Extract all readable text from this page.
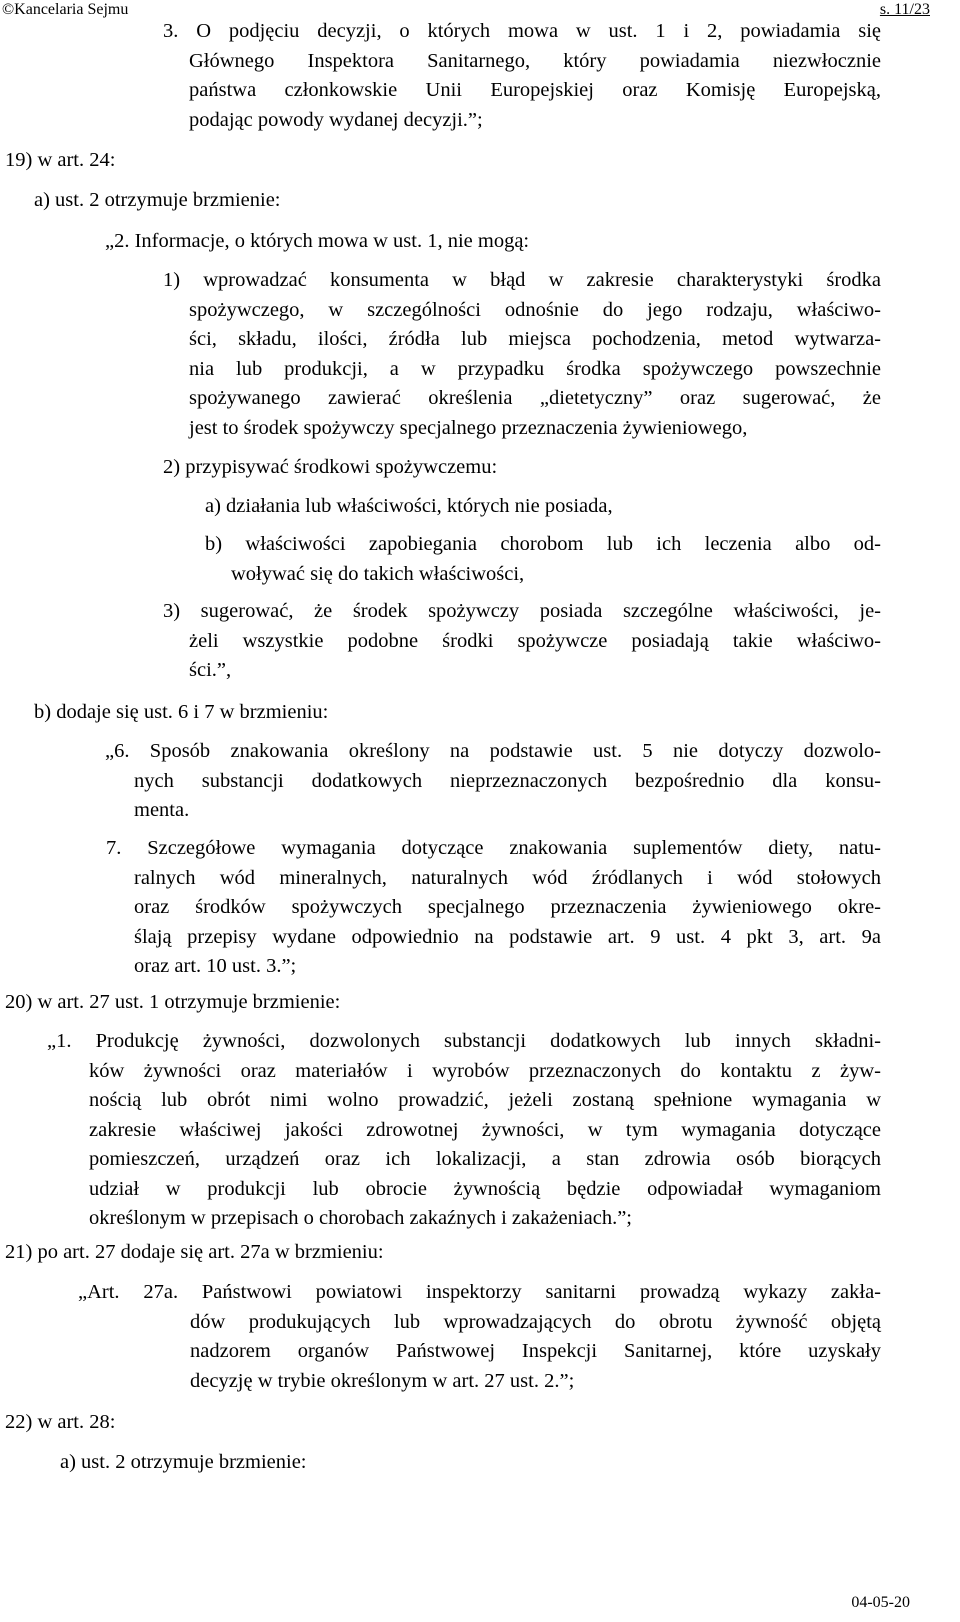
©Kancelaria Sejmu	s. 11/23
3. O podjęciu decyzji, o których mowa w ust. 1 i 2, powiadamia się
Głównego Inspektora Sanitarnego, który powiadamia niezwłocznie
państwa członkowskie Unii Europejskiej oraz Komisję Europejską,
podając powody wydanej decyzji.”;
19) w art. 24:
a) ust. 2 otrzymuje brzmienie:
„2. Informacje, o których mowa w ust. 1, nie mogą:
1) wprowadzać konsumenta w błąd w zakresie charakterystyki środka
spożywczego, w szczególności odnośnie do jego rodzaju, właściwo-
ści, składu, ilości, źródła lub miejsca pochodzenia, metod wytwarza-
nia lub produkcji, a w przypadku środka spożywczego powszechnie
spożywanego zawierać określenia „dietetyczny” oraz sugerować, że
jest to środek spożywczy specjalnego przeznaczenia żywieniowego,
2) przypisywać środkowi spożywczemu:
a) działania lub właściwości, których nie posiada,
b) właściwości zapobiegania chorobom lub ich leczenia albo od-
woływać się do takich właściwości,
3) sugerować, że środek spożywczy posiada szczególne właściwości, je-
żeli wszystkie podobne środki spożywcze posiadają takie właściwo-
ści.”,
b) dodaje się ust. 6 i 7 w brzmieniu:
„6. Sposób znakowania określony na podstawie ust. 5 nie dotyczy dozwolo-
nych substancji dodatkowych nieprzeznaczonych bezpośrednio dla konsu-
menta.
7. Szczegółowe wymagania dotyczące znakowania suplementów diety, natu-
ralnych wód mineralnych, naturalnych wód źródlanych i wód stołowych
oraz środków spożywczych specjalnego przeznaczenia żywieniowego okre-
ślają przepisy wydane odpowiednio na podstawie art. 9 ust. 4 pkt 3, art. 9a
oraz art. 10 ust. 3.”;
20) w art. 27 ust. 1 otrzymuje brzmienie:
„1. Produkcję żywności, dozwolonych substancji dodatkowych lub innych składni-
ków żywności oraz materiałów i wyrobów przeznaczonych do kontaktu z żyw-
nością lub obrót nimi wolno prowadzić, jeżeli zostaną spełnione wymagania w
zakresie właściwej jakości zdrowotnej żywności, w tym wymagania dotyczące
pomieszczeń, urządzeń oraz ich lokalizacji, a stan zdrowia osób biorących
udział w produkcji lub obrocie żywnością będzie odpowiadał wymaganiom
określonym w przepisach o chorobach zakaźnych i zakażeniach.”;
21) po art. 27 dodaje się art. 27a w brzmieniu:
„Art. 27a. Państwowi powiatowi inspektorzy sanitarni prowadzą wykazy zakła-
dów produkujących lub wprowadzających do obrotu żywność objętą
nadzorem organów Państwowej Inspekcji Sanitarnej, które uzyskały
decyzję w trybie określonym w art. 27 ust. 2.”;
22) w art. 28:
a) ust. 2 otrzymuje brzmienie:
04-05-20
